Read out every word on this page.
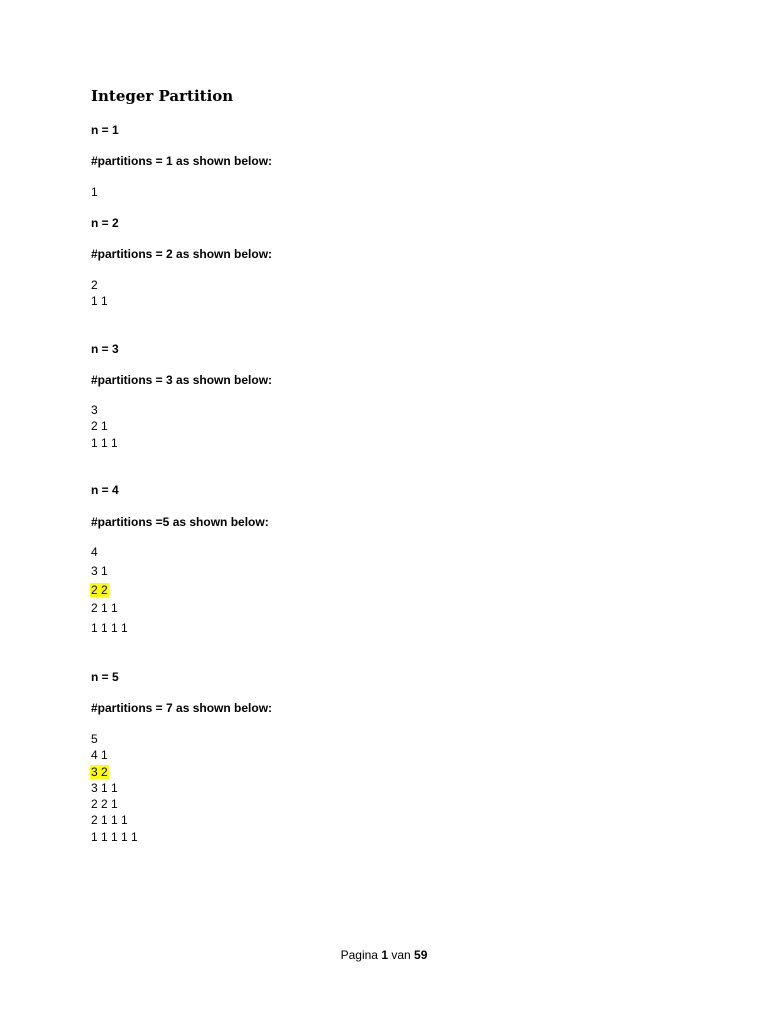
Integer Partition
n = 1
#partitions = 1 as shown below:
1
n = 2
#partitions = 2 as shown below:
2
1 1
n = 3
#partitions = 3 as shown below:
3
2 1
1 1 1
n = 4
#partitions =5 as shown below:
4
3 1
2 2
2 1 1
1 1 1 1
n = 5
#partitions = 7 as shown below:
5
4 1
3 2
3 1 1
2 2 1
2 1 1 1
1 1 1 1 1
Pagina 1 van 59
